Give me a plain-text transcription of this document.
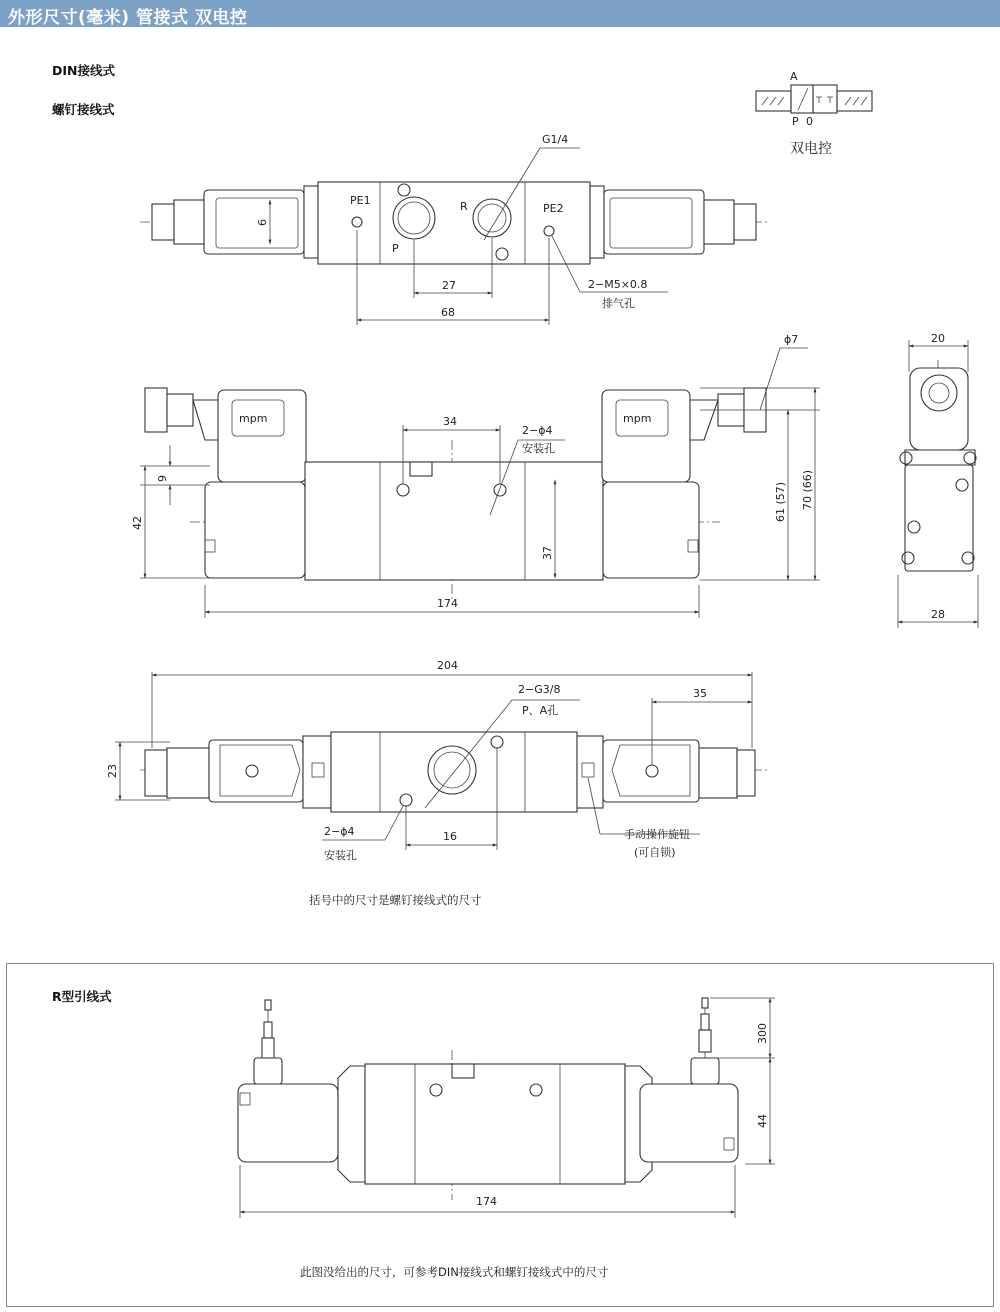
外形尺寸(毫米) 管接式 双电控
DIN接线式
螺钉接线式
R型引线式
括号中的尺寸是螺钉接线式的尺寸
此图没给出的尺寸，可参考DIN接线式和螺钉接线式中的尺寸
A
P 0
双电控
68
27
6
G1/4
PE1
PE2
R
P
2−M5×0.8
排气孔
mpm	mpm
174
34
2−ϕ4
安装孔
9
42
37
ϕ7
61 (57) 70 (66)
20
28
204
35
23
2−G3/8
P、A孔
16
2−ϕ4
安装孔
手动操作旋钮
(可自锁)
300
44
174
